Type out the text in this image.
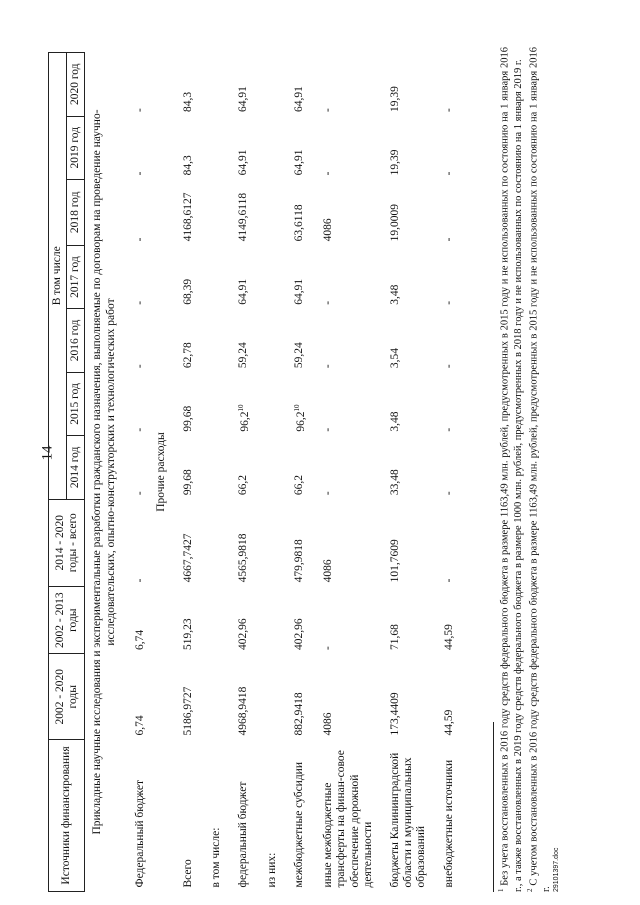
14
Источники финансирования	2002 - 2020 годы	2002 - 2013 годы	2014 - 2020 годы - всего	В том числе						
				2014 год	2015 год	2016 год	2017 год	2018 год	2019 год	2020 год
Прикладные научные исследования и экспериментальные разработки гражданского назначения, выполняемые по договорам на проведение научно-исследовательских, опытно-конструкторских и технологических работ										
Федеральный бюджет	6,74	6,74	-	-	-	-	-	-	-	-
Прочие расходы										
Всего	5186,9727	519,23	4667,7427	99,68	99,68	62,78	68,39	4168,6127	84,3	84,3
в том числе:										
федеральный бюджет	4968,9418	402,96	4565,9818	66,2	96,2$^{10}$	59,24	64,91	4149,6118	64,91	64,91
из них:										
межбюджетные субсидии	882,9418	402,96	479,9818	66,2	96,2$^{10}$	59,24	64,91	63,6118	64,91	64,91
иные межбюджетные трансферты на финан-совое обеспечение дорожной деятельности	4086	-	4086	-	-	-	-	4086	-	-
бюджеты Калининградской области и муниципальных образований	173,4409	71,68	101,7609	33,48	3,48	3,54	3,48	19,0009	19,39	19,39
внебюджетные источники	44,59	44,59	-	-	-	-	-	-	-	-

$^1$ Без учета восстановленных в 2016 году средств федерального бюджета в размере 1163,49 млн. рублей, предусмотренных в 2015 году и не использованных по состоянию на 1 января 2016 г., а также восстановленных в 2019 году средств федерального бюджета в размере 1000 млн. рублей, предусмотренных в 2018 году и не использованных по состоянию на 1 января 2019 г. $^2$ С учетом восстановленных в 2016 году средств федерального бюджета в размере 1163,49 млн. рублей, предусмотренных в 2015 году и не использованных по состоянию на 1 января 2016 г. 29101397.doc
